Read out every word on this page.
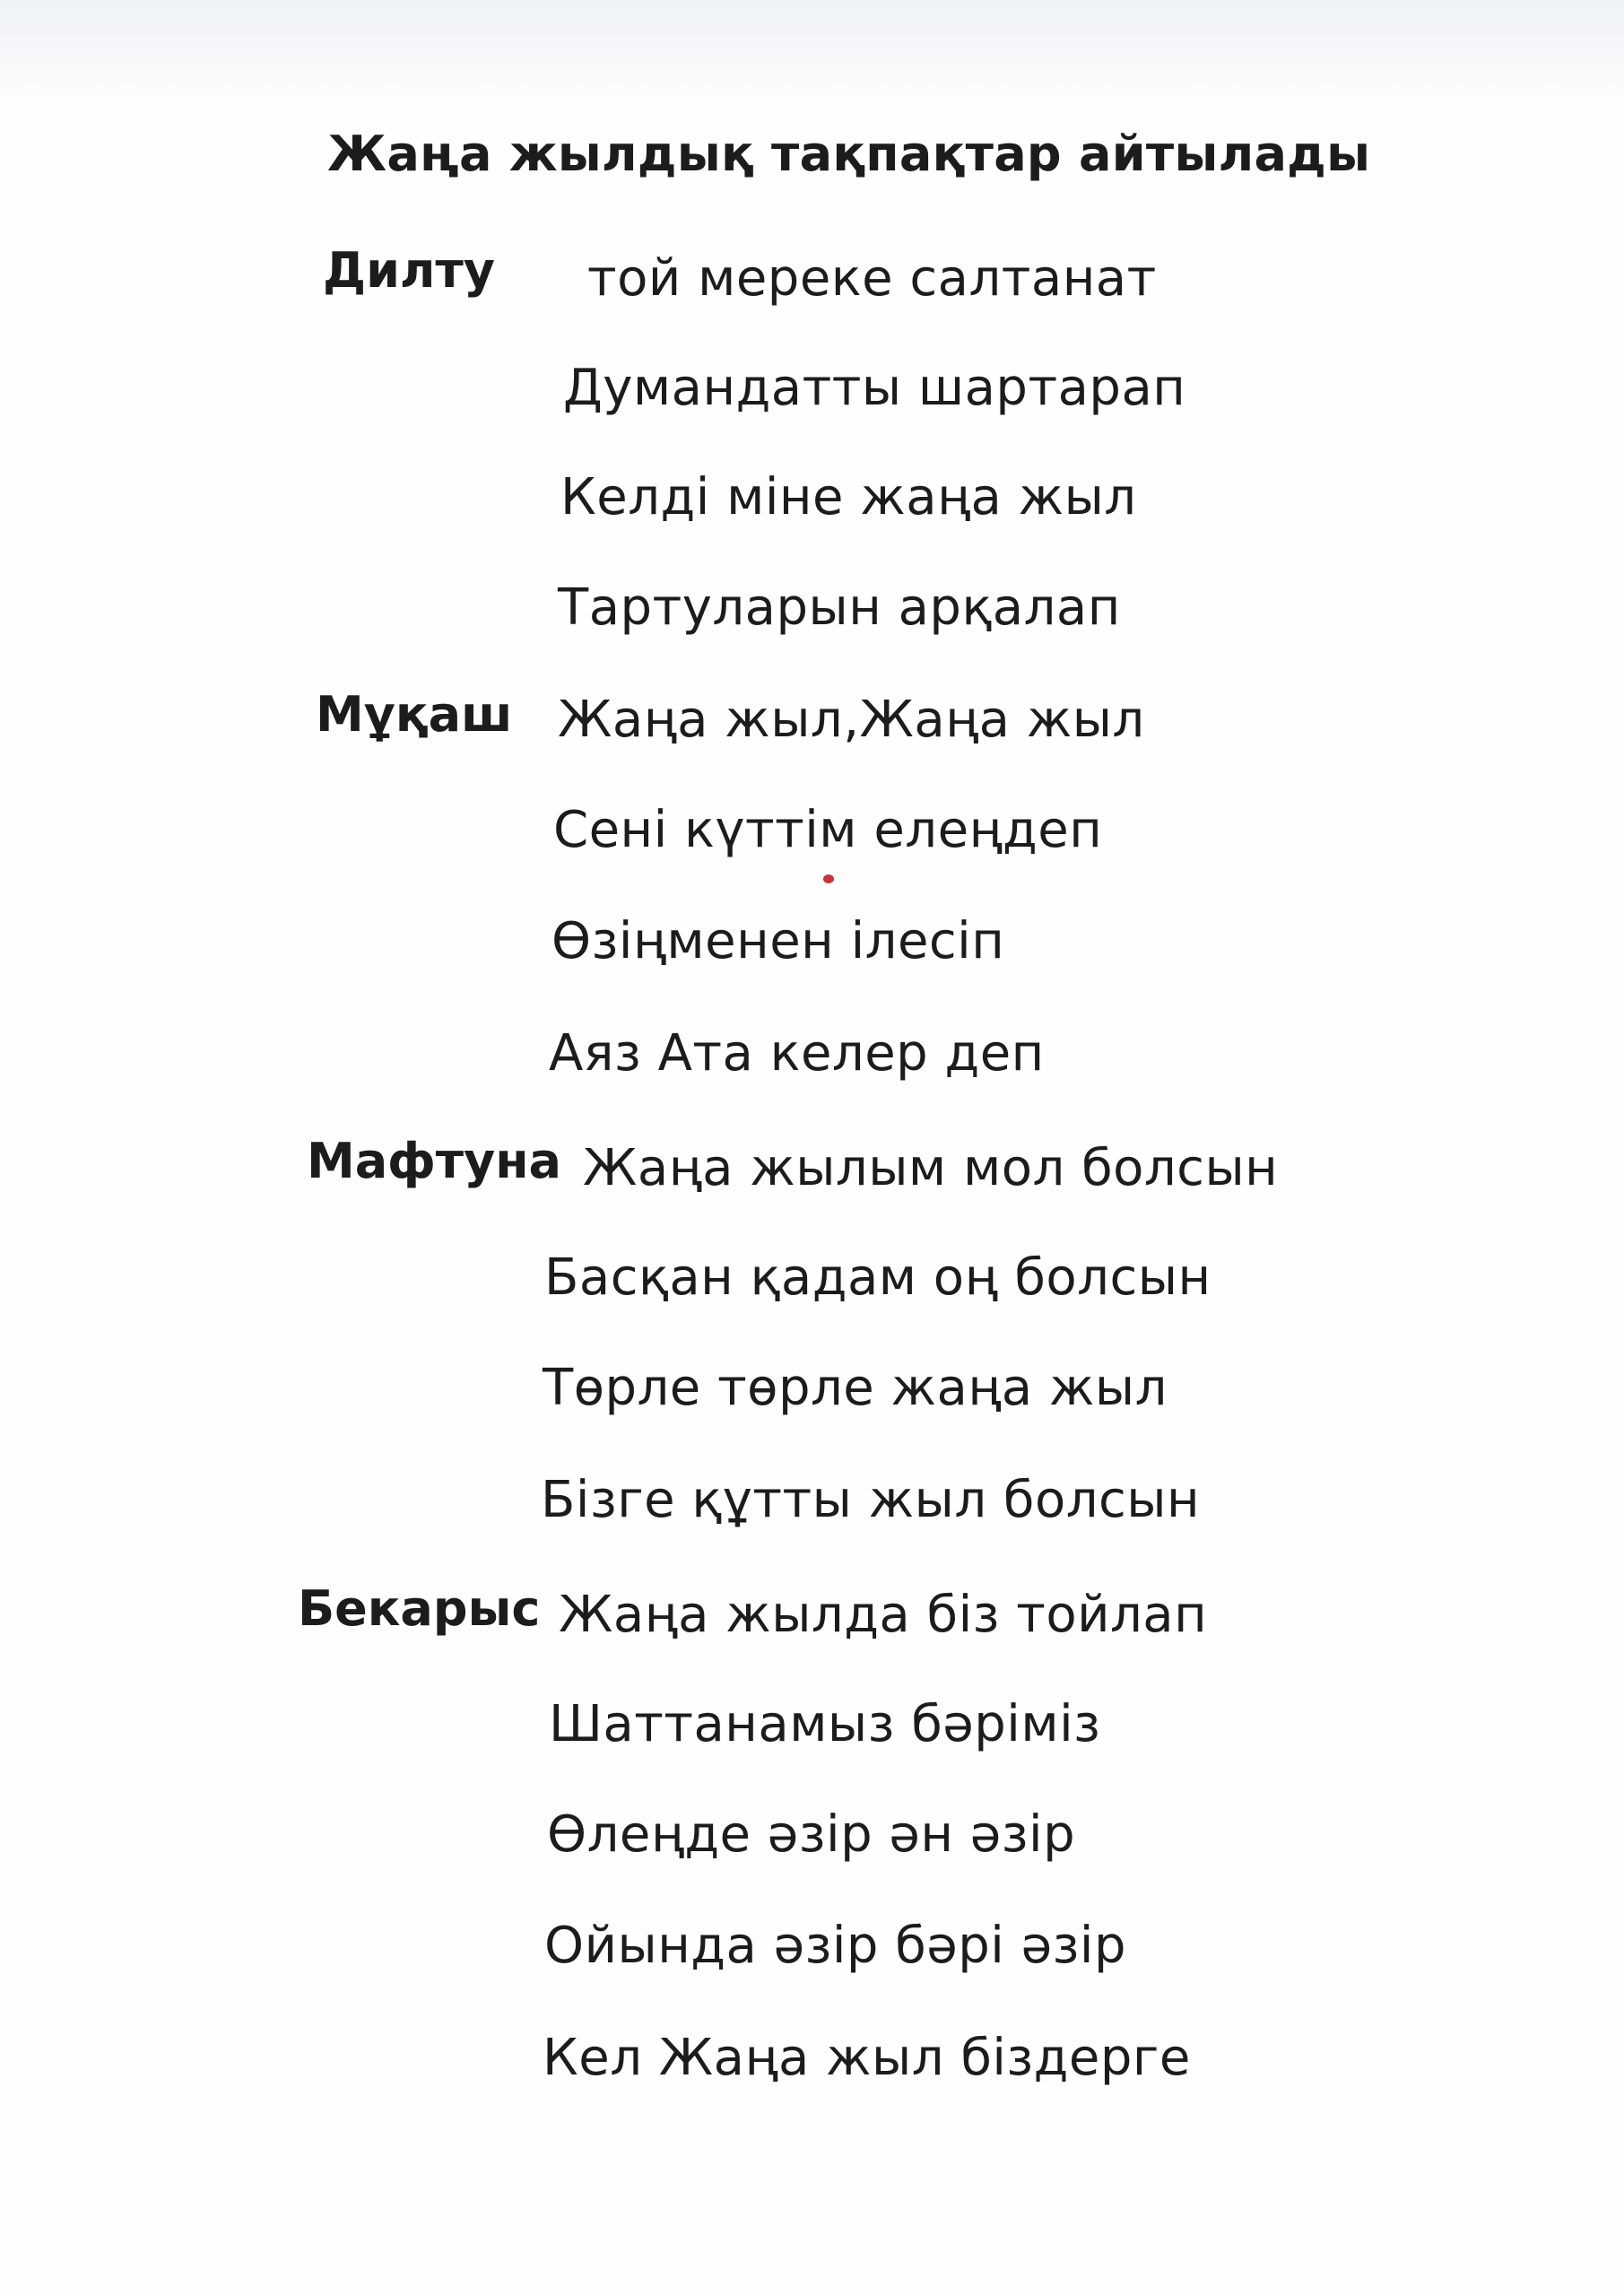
Жаңа жылдық тақпақтар айтылады
Дилту той мереке салтанат
Думандатты шартарап
Келді міне жаңа жыл
Тартуларын арқалап
Мұқаш Жаңа жыл,Жаңа жыл
Сені күттім елеңдеп
Өзіңменен ілесіп
Аяз Ата келер деп
Мафтуна Жаңа жылым мол болсын
Басқан қадам оң болсын
Төрле төрле жаңа жыл
Бізге құтты жыл болсын
Бекарыс Жаңа жылда біз тойлап
Шаттанамыз бәріміз
Өлеңде әзір ән әзір
Ойында әзір бәрі әзір
Кел Жаңа жыл біздерге
